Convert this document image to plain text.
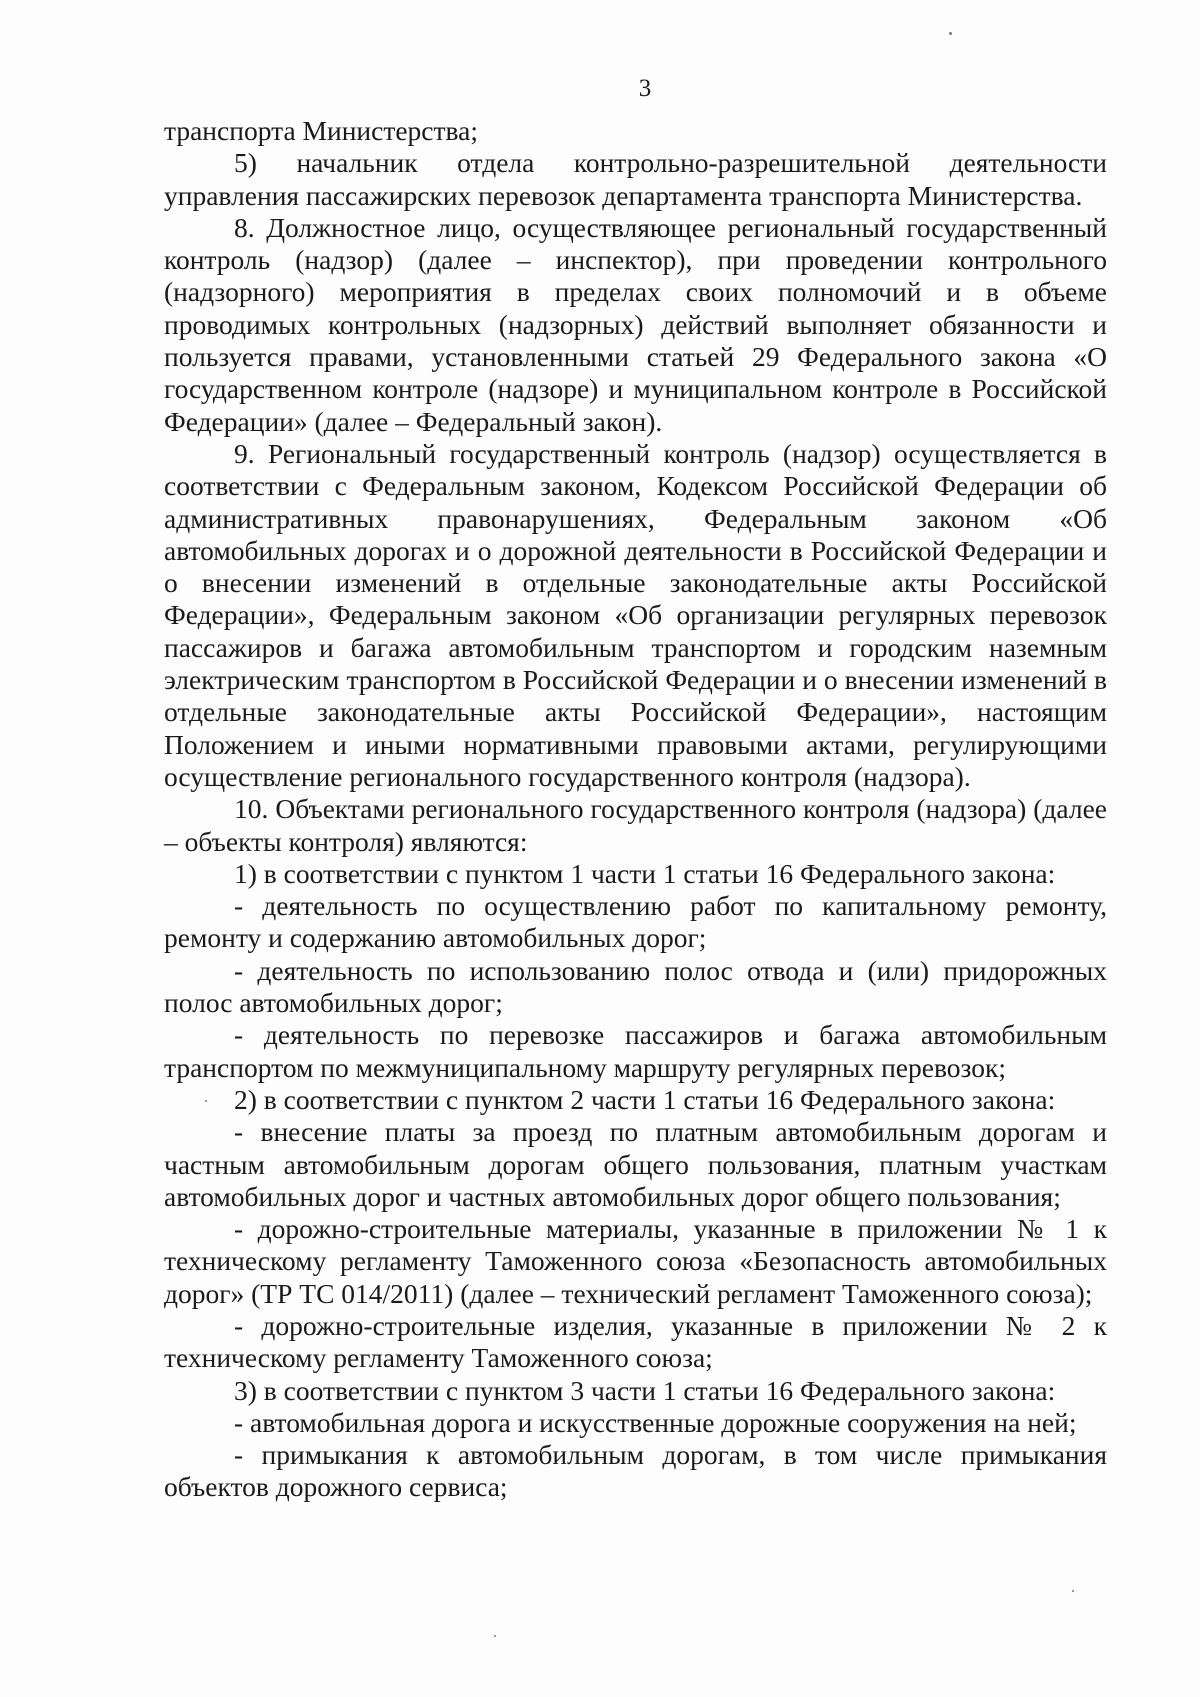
3

транспорта Министерства;

5) начальник отдела контрольно-разрешительной деятельности управления пассажирских перевозок департамента транспорта Министерства.

8. Должностное лицо, осуществляющее региональный государственный контроль (надзор) (далее – инспектор), при проведении контрольного (надзорного) мероприятия в пределах своих полномочий и в объеме проводимых контрольных (надзорных) действий выполняет обязанности и пользуется правами, установленными статьей 29 Федерального закона «О государственном контроле (надзоре) и муниципальном контроле в Российской Федерации» (далее – Федеральный закон).

9. Региональный государственный контроль (надзор) осуществляется в соответствии с Федеральным законом, Кодексом Российской Федерации об административных правонарушениях, Федеральным законом «Об автомобильных дорогах и о дорожной деятельности в Российской Федерации и о внесении изменений в отдельные законодательные акты Российской Федерации», Федеральным законом «Об организации регулярных перевозок пассажиров и багажа автомобильным транспортом и городским наземным электрическим транспортом в Российской Федерации и о внесении изменений в отдельные законодательные акты Российской Федерации», настоящим Положением и иными нормативными правовыми актами, регулирующими осуществление регионального государственного контроля (надзора).

10. Объектами регионального государственного контроля (надзора) (далее – объекты контроля) являются:

1) в соответствии с пунктом 1 части 1 статьи 16 Федерального закона:

- деятельность по осуществлению работ по капитальному ремонту, ремонту и содержанию автомобильных дорог;

- деятельность по использованию полос отвода и (или) придорожных полос автомобильных дорог;

- деятельность по перевозке пассажиров и багажа автомобильным транспортом по межмуниципальному маршруту регулярных перевозок;

2) в соответствии с пунктом 2 части 1 статьи 16 Федерального закона:

- внесение платы за проезд по платным автомобильным дорогам и частным автомобильным дорогам общего пользования, платным участкам автомобильных дорог и частных автомобильных дорог общего пользования;

- дорожно-строительные материалы, указанные в приложении № 1 к техническому регламенту Таможенного союза «Безопасность автомобильных дорог» (ТР ТС 014/2011) (далее – технический регламент Таможенного союза);

- дорожно-строительные изделия, указанные в приложении № 2 к техническому регламенту Таможенного союза;

3) в соответствии с пунктом 3 части 1 статьи 16 Федерального закона:

- автомобильная дорога и искусственные дорожные сооружения на ней;

- примыкания к автомобильным дорогам, в том числе примыкания объектов дорожного сервиса;
